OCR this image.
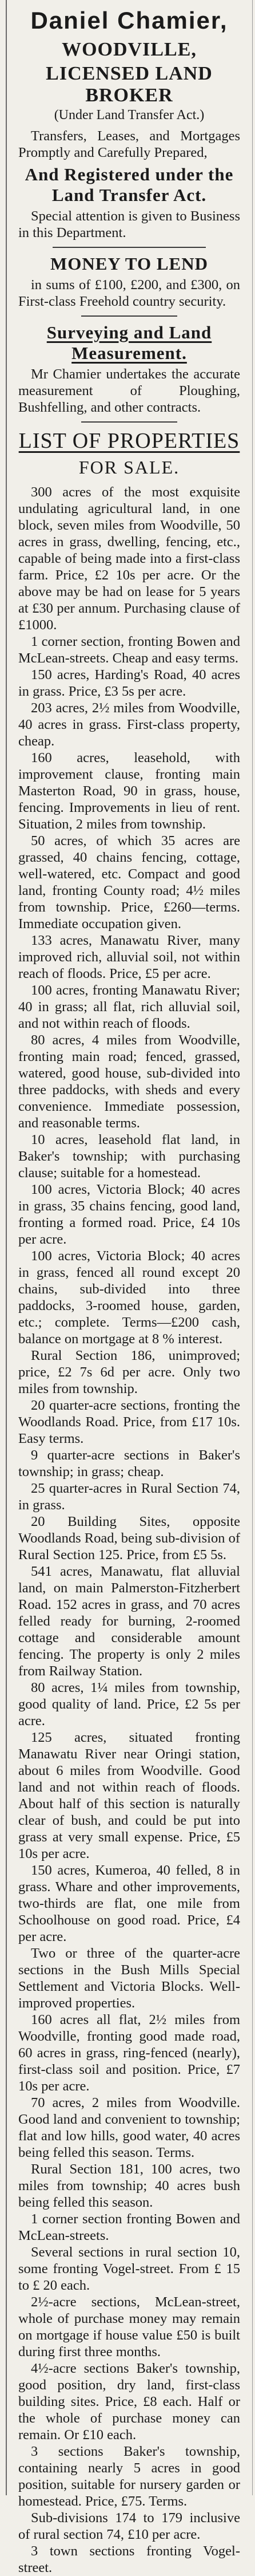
Daniel Chamier,
WOODVILLE,
LICENSED LAND BROKER
(Under Land Transfer Act.)

Transfers, Leases, and Mortgages Promptly and Carefully Prepared,

And Registered under the Land Transfer Act.

Special attention is given to Business in this Department.

MONEY TO LEND

in sums of £100, £200, and £300, on First-class Freehold country security.

Surveying and Land Measurement.

Mr Chamier undertakes the accurate measurement of Ploughing, Bushfelling, and other contracts.

LIST OF PROPERTIES
FOR SALE.

300 acres of the most exquisite undulating agricultural land, in one block, seven miles from Woodville, 50 acres in grass, dwelling, fencing, etc., capable of being made into a first-class farm. Price, £2 10s per acre. Or the above may be had on lease for 5 years at £30 per annum. Purchasing clause of £1000.

1 corner section, fronting Bowen and McLean-streets. Cheap and easy terms.

150 acres, Harding's Road, 40 acres in grass. Price, £3 5s per acre.

203 acres, 2½ miles from Woodville, 40 acres in grass. First-class property, cheap.

160 acres, leasehold, with improvement clause, fronting main Masterton Road, 90 in grass, house, fencing. Improvements in lieu of rent. Situation, 2 miles from township.

50 acres, of which 35 acres are grassed, 40 chains fencing, cottage, well-watered, etc. Compact and good land, fronting County road; 4½ miles from township. Price, £260—terms. Immediate occupation given.

133 acres, Manawatu River, many improved rich, alluvial soil, not within reach of floods. Price, £5 per acre.

100 acres, fronting Manawatu River; 40 in grass; all flat, rich alluvial soil, and not within reach of floods.

80 acres, 4 miles from Woodville, fronting main road; fenced, grassed, watered, good house, sub-divided into three paddocks, with sheds and every convenience. Immediate possession, and reasonable terms.

10 acres, leasehold flat land, in Baker's township; with purchasing clause; suitable for a homestead.

100 acres, Victoria Block; 40 acres in grass, 35 chains fencing, good land, fronting a formed road. Price, £4 10s per acre.

100 acres, Victoria Block; 40 acres in grass, fenced all round except 20 chains, sub-divided into three paddocks, 3-roomed house, garden, etc.; complete. Terms—£200 cash, balance on mortgage at 8 % interest.

Rural Section 186, unimproved; price, £2 7s 6d per acre. Only two miles from township.

20 quarter-acre sections, fronting the Woodlands Road. Price, from £17 10s. Easy terms.

9 quarter-acre sections in Baker's township; in grass; cheap.

25 quarter-acres in Rural Section 74, in grass.

20 Building Sites, opposite Woodlands Road, being sub-division of Rural Section 125. Price, from £5 5s.

541 acres, Manawatu, flat alluvial land, on main Palmerston-Fitzherbert Road. 152 acres in grass, and 70 acres felled ready for burning, 2-roomed cottage and considerable amount fencing. The property is only 2 miles from Railway Station.

80 acres, 1¼ miles from township, good quality of land. Price, £2 5s per acre.

125 acres, situated fronting Manawatu River near Oringi station, about 6 miles from Woodville. Good land and not within reach of floods. About half of this section is naturally clear of bush, and could be put into grass at very small expense. Price, £5 10s per acre.

150 acres, Kumeroa, 40 felled, 8 in grass. Whare and other improvements, two-thirds are flat, one mile from Schoolhouse on good road. Price, £4 per acre.

Two or three of the quarter-acre sections in the Bush Mills Special Settlement and Victoria Blocks. Well-improved properties.

160 acres all flat, 2½ miles from Woodville, fronting good made road, 60 acres in grass, ring-fenced (nearly), first-class soil and position. Price, £7 10s per acre.

70 acres, 2 miles from Woodville. Good land and convenient to township; flat and low hills, good water, 40 acres being felled this season. Terms.

Rural Section 181, 100 acres, two miles from township; 40 acres bush being felled this season.

1 corner section fronting Bowen and McLean-streets.

Several sections in rural section 10, some fronting Vogel-street. From £ 15 to £ 20 each.

2½-acre sections, McLean-street, whole of purchase money may remain on mortgage if house value £50 is built during first three months.

4½-acre sections Baker's township, good position, dry land, first-class building sites. Price, £8 each. Half or the whole of purchase money can remain. Or £10 each.

3 sections Baker's township, containing nearly 5 acres in good position, suitable for nursery garden or homestead. Price, £75. Terms.

Sub-divisions 174 to 179 inclusive of rural section 74, £10 per acre.

3 town sections fronting Vogel-street.
